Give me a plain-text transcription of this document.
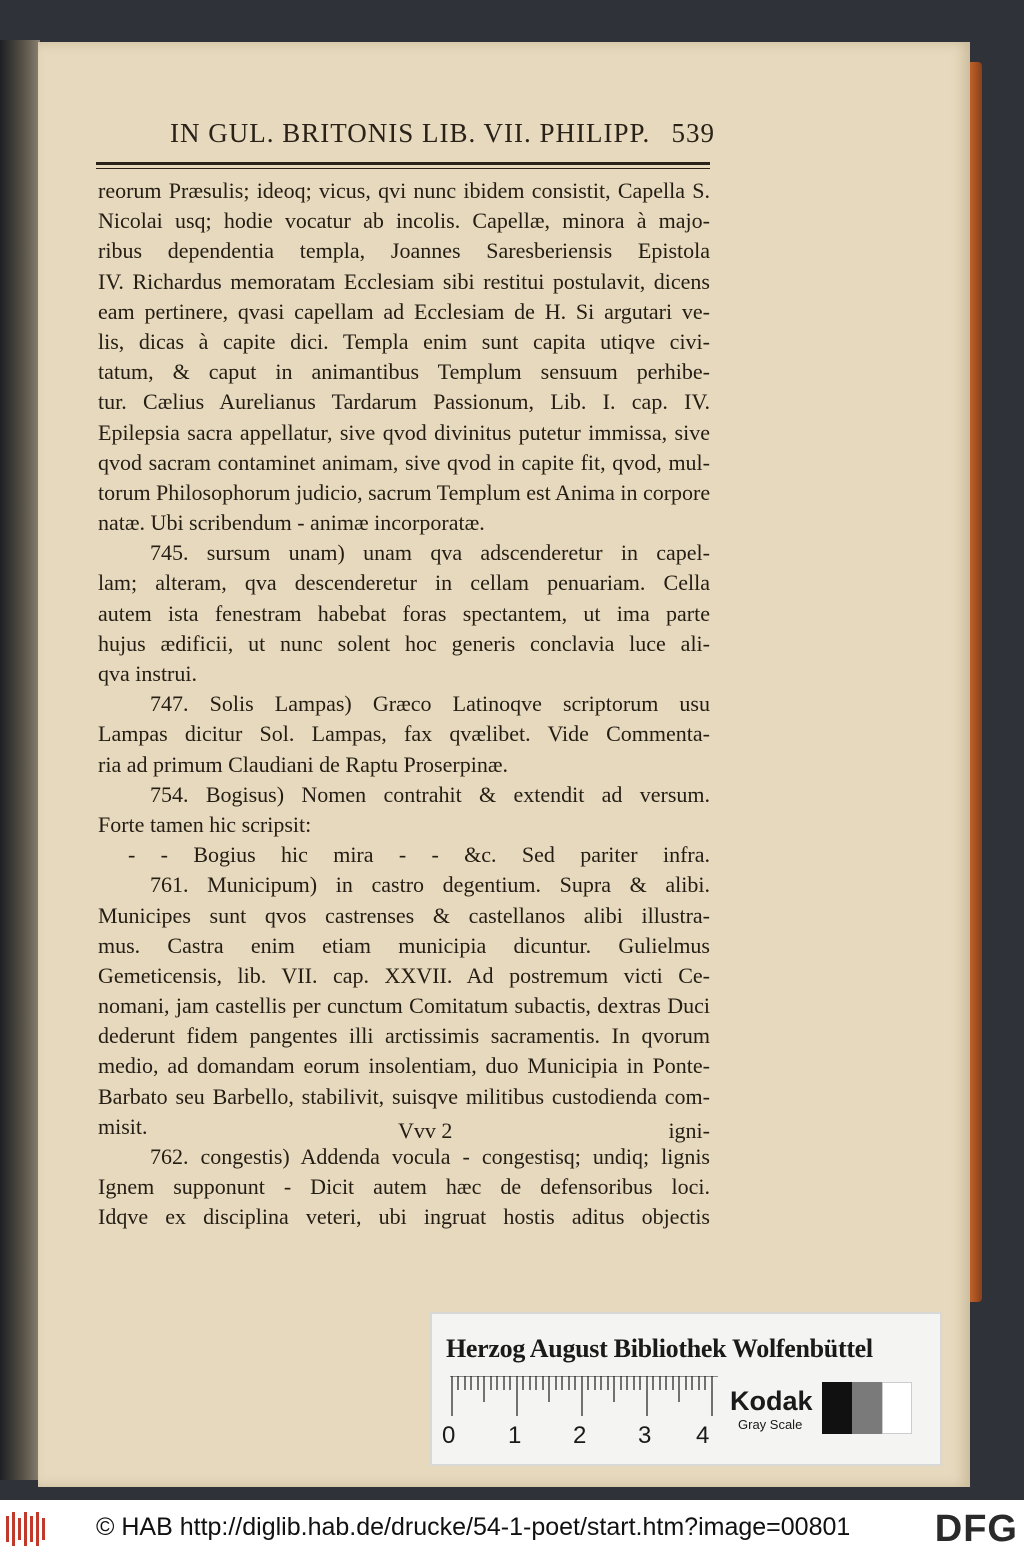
IN GUL. BRITONIS LIB. VII. PHILIPP. 539
reorum Præsulis; ideoq; vicus, qvi nunc ibidem consistit, Capella S.
Nicolai usq; hodie vocatur ab incolis. Capellæ, minora à majo-
ribus dependentia templa, Joannes Saresberiensis Epistola
IV. Richardus memoratam Ecclesiam sibi restitui postulavit, dicens
eam pertinere, qvasi capellam ad Ecclesiam de H. Si argutari ve-
lis, dicas à capite dici. Templa enim sunt capita utiqve civi-
tatum, & caput in animantibus Templum sensuum perhibe-
tur. Cælius Aurelianus Tardarum Passionum, Lib. I. cap. IV.
Epilepsia sacra appellatur, sive qvod divinitus putetur immissa, sive
qvod sacram contaminet animam, sive qvod in capite fit, qvod, mul-
torum Philosophorum judicio, sacrum Templum est Anima in corpore
natæ. Ubi scribendum - animæ incorporatæ.
745. sursum unam) unam qva adscenderetur in capel-
lam; alteram, qva descenderetur in cellam penuariam. Cella
autem ista fenestram habebat foras spectantem, ut ima parte
hujus ædificii, ut nunc solent hoc generis conclavia luce ali-
qva instrui.
747. Solis Lampas) Græco Latinoqve scriptorum usu
Lampas dicitur Sol. Lampas, fax qvælibet. Vide Commenta-
ria ad primum Claudiani de Raptu Proserpinæ.
754. Bogisus) Nomen contrahit & extendit ad versum.
Forte tamen hic scripsit:
- - Bogius hic mira - - &c. Sed pariter infra.
761. Municipum) in castro degentium. Supra & alibi.
Municipes sunt qvos castrenses & castellanos alibi illustra-
mus. Castra enim etiam municipia dicuntur. Gulielmus
Gemeticensis, lib. VII. cap. XXVII. Ad postremum victi Ce-
nomani, jam castellis per cunctum Comitatum subactis, dextras Duci
dederunt fidem pangentes illi arctissimis sacramentis. In qvorum
medio, ad domandam eorum insolentiam, duo Municipia in Ponte-
Barbato seu Barbello, stabilivit, suisqve militibus custodienda com-
misit.
762. congestis) Addenda vocula - congestisq; undiq; lignis
Ignem supponunt - Dicit autem hæc de defensoribus loci.
Idqve ex disciplina veteri, ubi ingruat hostis aditus objectis
Vvv 2	igni-
Herzog August Bibliothek Wolfenbüttel
0 1 2 3 4
Kodak
Gray Scale
© HAB http://diglib.hab.de/drucke/54-1-poet/start.htm?image=00801 DFG
